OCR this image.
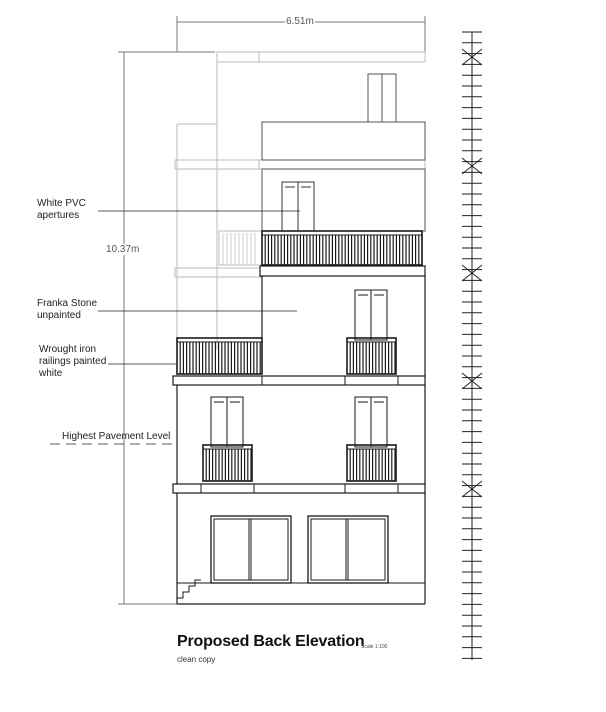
6.51m
10.37m
White PVC
apertures
Franka Stone
unpainted
Wrought iron
railings painted
white
Highest Pavement Level
Proposed Back Elevation
Scale 1:100
clean copy
